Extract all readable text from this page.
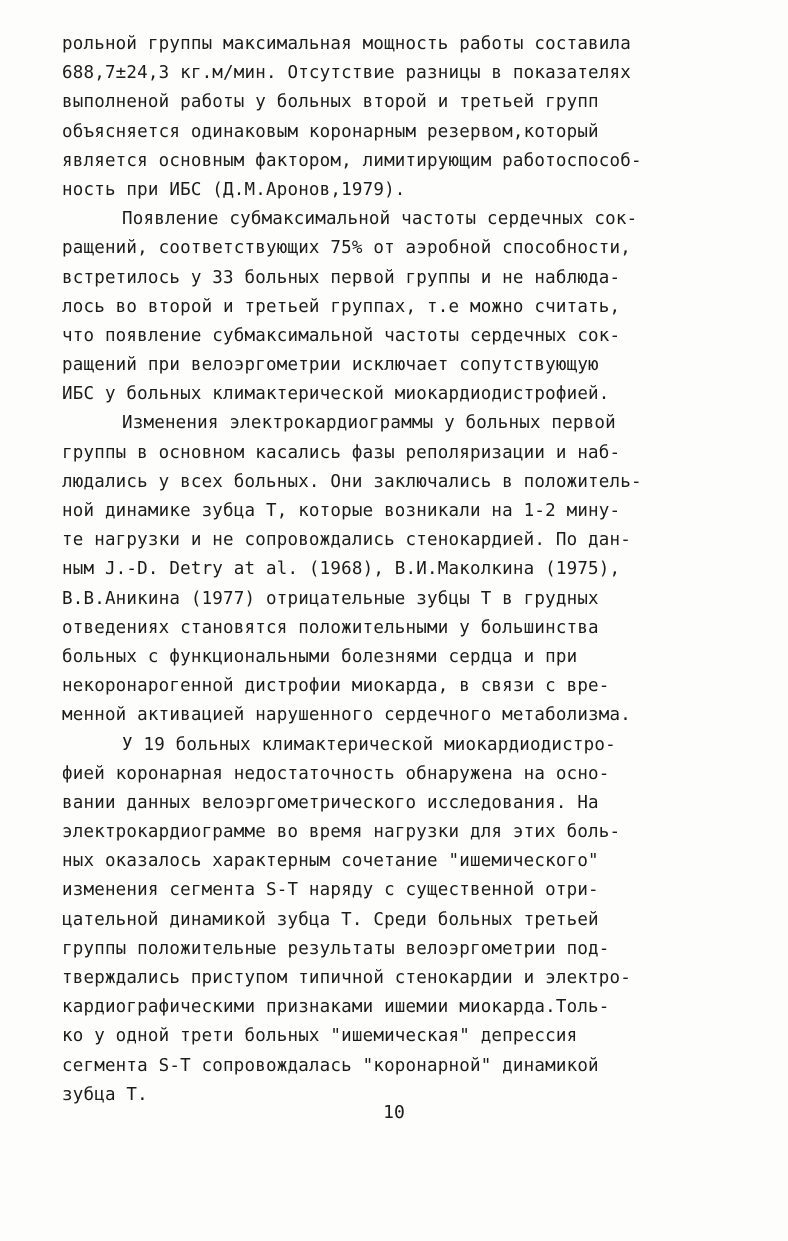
рольной группы максимальная мощность работы составила
688,7±24,3 кг.м/мин. Отсутствие разницы в показателях
выполненой работы у больных второй и третьей групп
объясняется одинаковым коронарным резервом,который
является основным фактором, лимитирующим работоспособ-
ность при ИБС (Д.М.Аронов,1979).
Появление субмаксимальной частоты сердечных сок-
ращений, соответствующих 75% от аэробной способности,
встретилось у 33 больных первой группы и не наблюда-
лось во второй и третьей группах, т.е можно считать,
что появление субмаксимальной частоты сердечных сок-
ращений при велоэргометрии исключает сопутствующую
ИБС у больных климактерической миокардиодистрофией.
Изменения электрокардиограммы у больных первой
группы в основном касались фазы реполяризации и наб-
людались у всех больных. Они заключались в положитель-
ной динамике зубца Т, которые возникали на 1-2 мину-
те нагрузки и не сопровождались стенокардией. По дан-
ным J.-D. Detry at al. (1968), В.И.Маколкина (1975),
В.В.Аникина (1977) отрицательные зубцы Т в грудных
отведениях становятся положительными у большинства
больных с функциональными болезнями сердца и при
некоронарогенной дистрофии миокарда, в связи с вре-
менной активацией нарушенного сердечного метаболизма.
У 19 больных климактерической миокардиодистро-
фией коронарная недостаточность обнаружена на осно-
вании данных велоэргометрического исследования. На
электрокардиограмме во время нагрузки для этих боль-
ных оказалось характерным сочетание "ишемического"
изменения сегмента S-T наряду с существенной отри-
цательной динамикой зубца Т. Среди больных третьей
группы положительные результаты велоэргометрии под-
тверждались приступом типичной стенокардии и электро-
кардиографическими признаками ишемии миокарда.Толь-
ко у одной трети больных "ишемическая" депрессия
сегмента S-T сопровождалась "коронарной" динамикой
зубца Т.
10
